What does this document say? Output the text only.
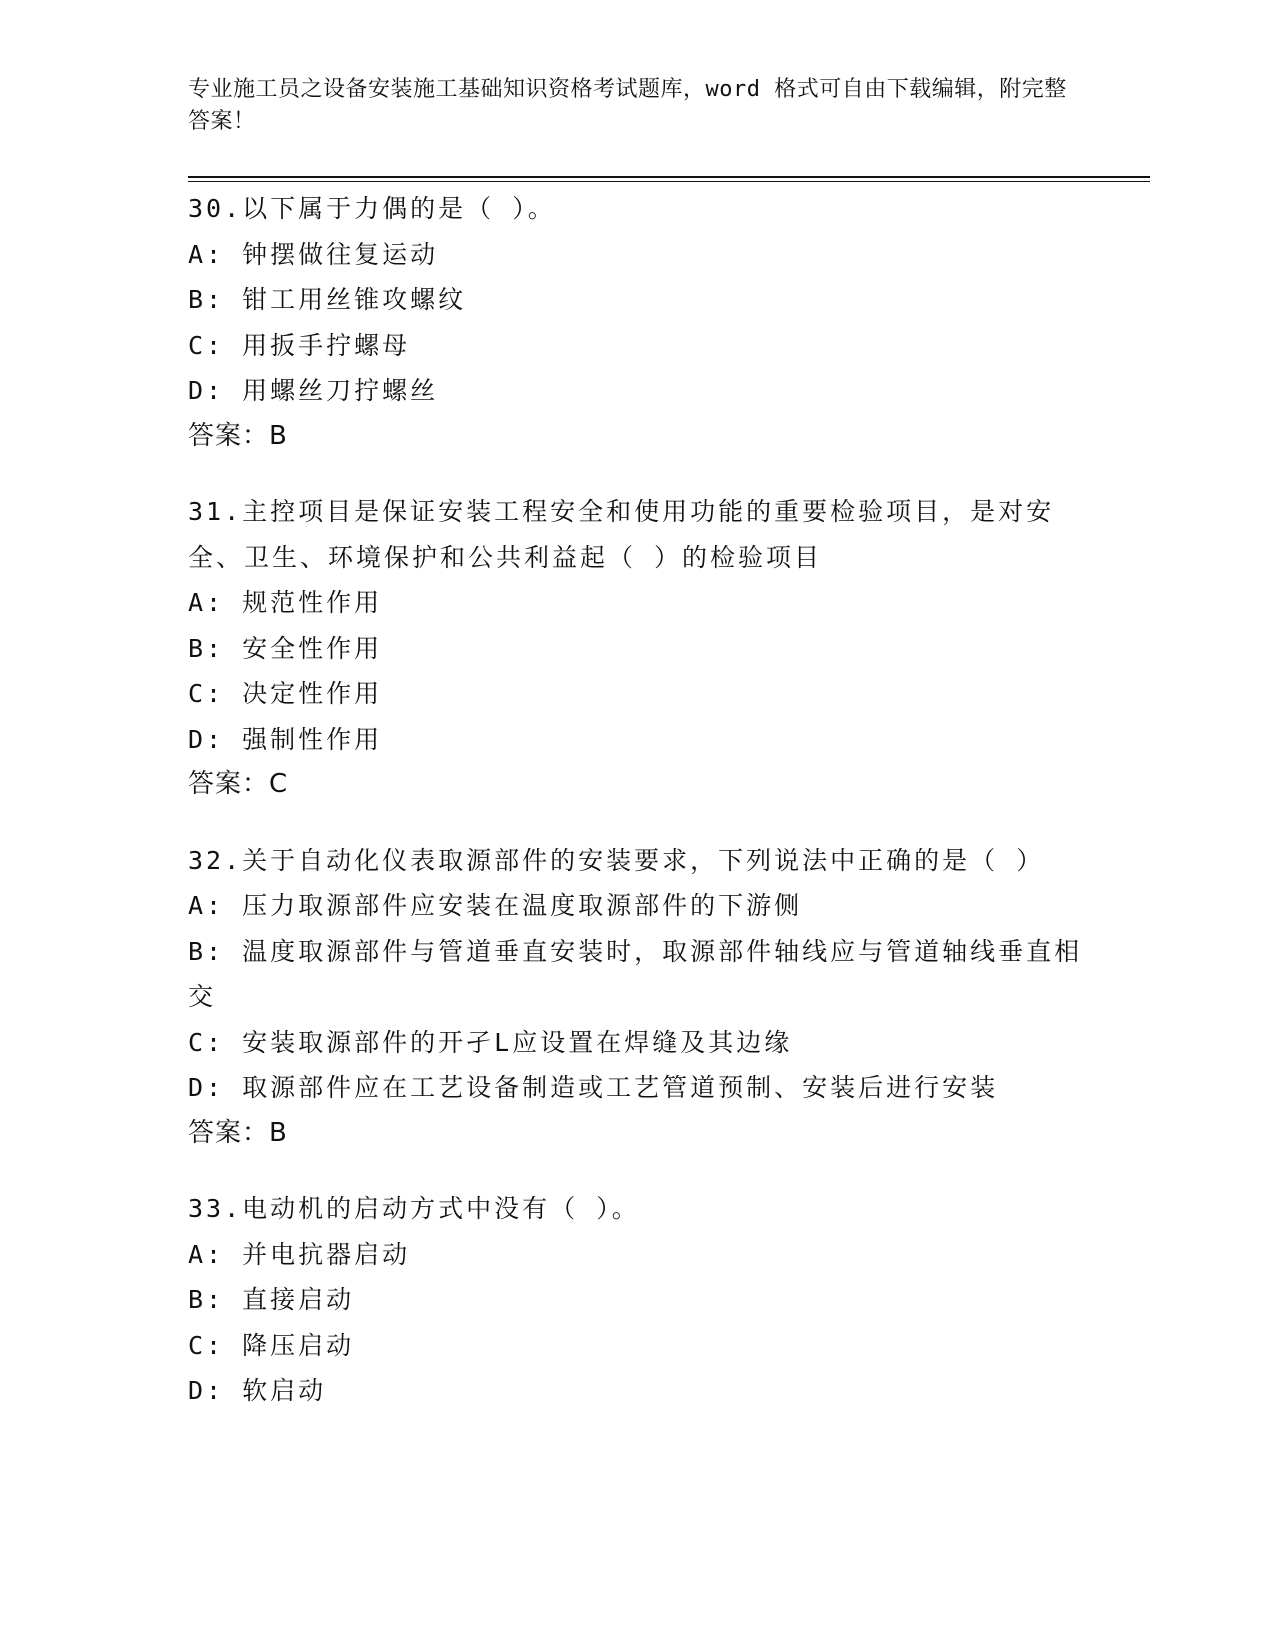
专业施工员之设备安装施工基础知识资格考试题库，word 格式可自由下载编辑，附完整答案！
30.以下属于力偶的是（ ）。
A: 钟摆做往复运动
B: 钳工用丝锥攻螺纹
C: 用扳手拧螺母
D: 用螺丝刀拧螺丝
答案：B
31.主控项目是保证安装工程安全和使用功能的重要检验项目，是对安全、卫生、环境保护和公共利益起（ ）的检验项目
A: 规范性作用
B: 安全性作用
C: 决定性作用
D: 强制性作用
答案：C
32.关于自动化仪表取源部件的安装要求，下列说法中正确的是（ ）
A: 压力取源部件应安装在温度取源部件的下游侧
B: 温度取源部件与管道垂直安装时，取源部件轴线应与管道轴线垂直相交
C: 安装取源部件的开孑L应设置在焊缝及其边缘
D: 取源部件应在工艺设备制造或工艺管道预制、安装后进行安装
答案：B
33.电动机的启动方式中没有（ ）。
A: 并电抗器启动
B: 直接启动
C: 降压启动
D: 软启动
